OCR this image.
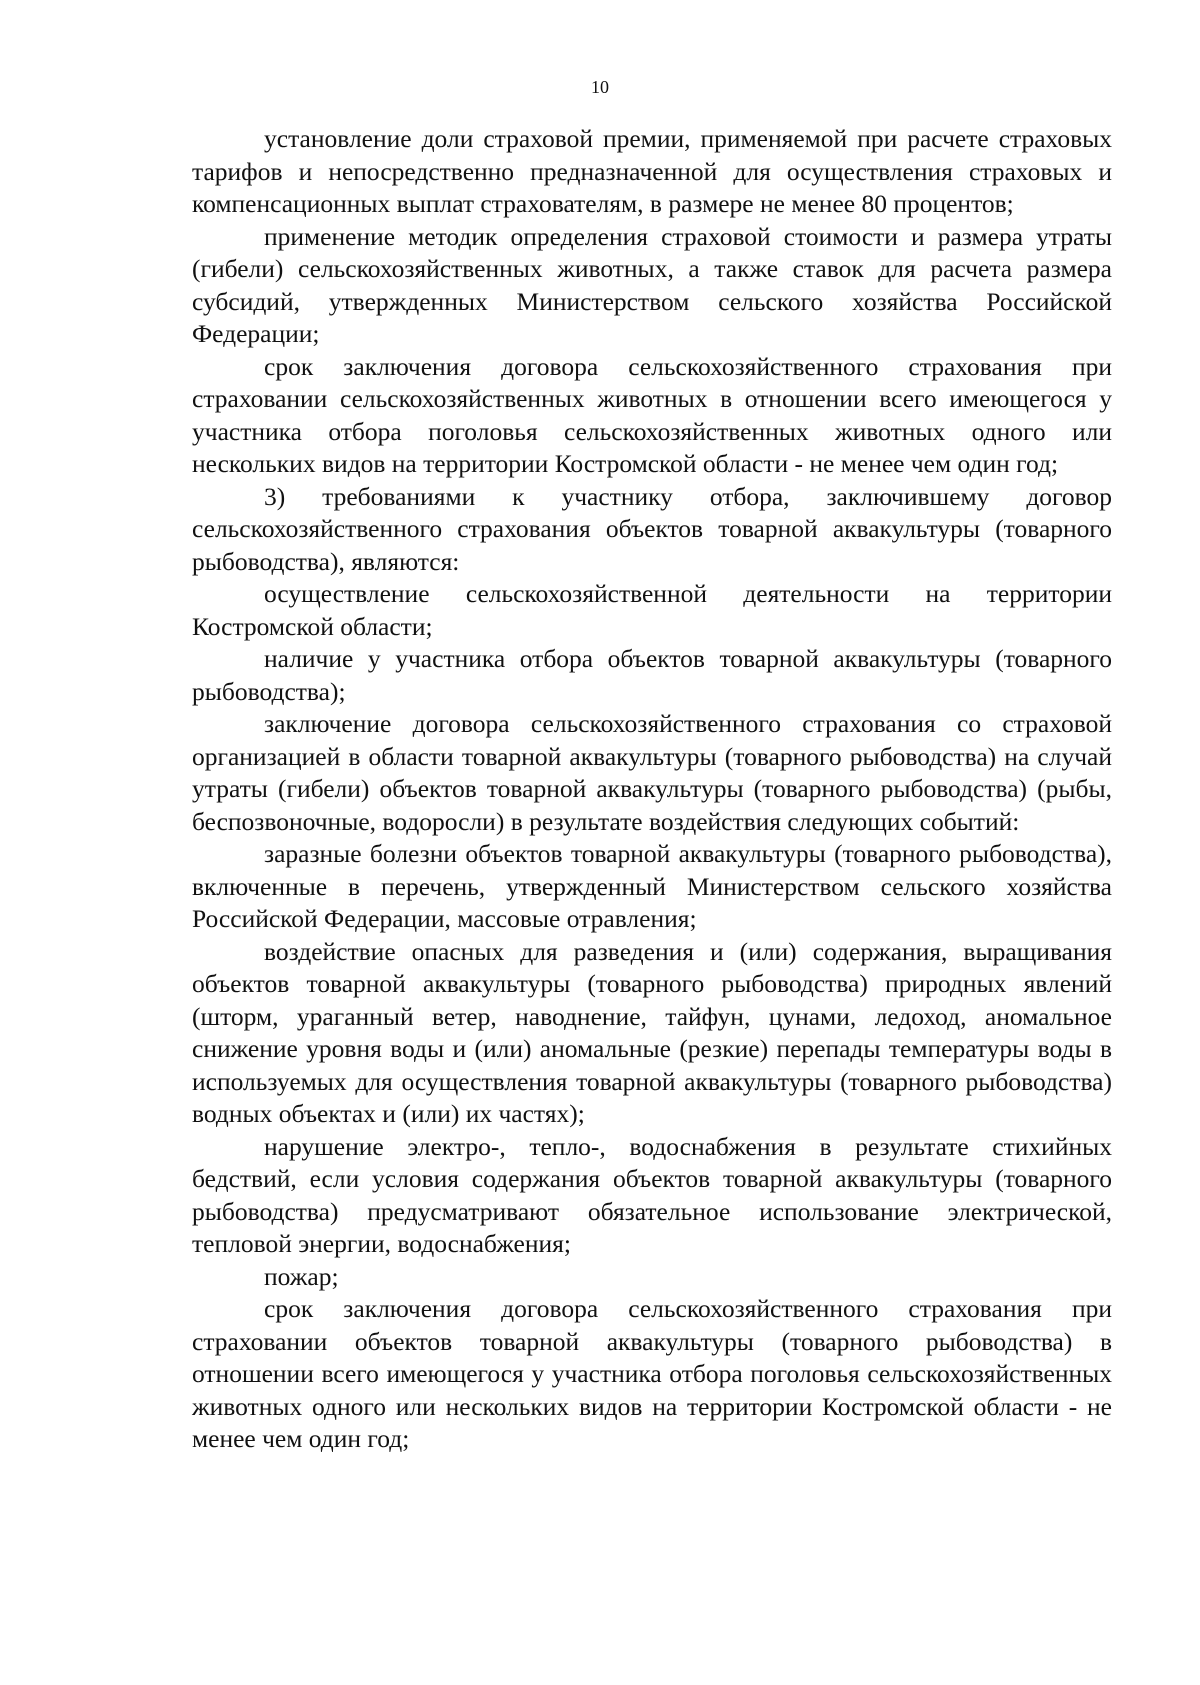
10

установление доли страховой премии, применяемой при расчете страховых тарифов и непосредственно предназначенной для осуществления страховых и компенсационных выплат страхователям, в размере не менее 80 процентов;

применение методик определения страховой стоимости и размера утраты (гибели) сельскохозяйственных животных, а также ставок для расчета размера субсидий, утвержденных Министерством сельского хозяйства Российской Федерации;

срок заключения договора сельскохозяйственного страхования при страховании сельскохозяйственных животных в отношении всего имеющегося у участника отбора поголовья сельскохозяйственных животных одного или нескольких видов на территории Костромской области - не менее чем один год;

3) требованиями к участнику отбора, заключившему договор сельскохозяйственного страхования объектов товарной аквакультуры (товарного рыбоводства), являются:

осуществление сельскохозяйственной деятельности на территории Костромской области;

наличие у участника отбора объектов товарной аквакультуры (товарного рыбоводства);

заключение договора сельскохозяйственного страхования со страховой организацией в области товарной аквакультуры (товарного рыбоводства) на случай утраты (гибели) объектов товарной аквакультуры (товарного рыбоводства) (рыбы, беспозвоночные, водоросли) в результате воздействия следующих событий:

заразные болезни объектов товарной аквакультуры (товарного рыбоводства), включенные в перечень, утвержденный Министерством сельского хозяйства Российской Федерации, массовые отравления;

воздействие опасных для разведения и (или) содержания, выращивания объектов товарной аквакультуры (товарного рыбоводства) природных явлений (шторм, ураганный ветер, наводнение, тайфун, цунами, ледоход, аномальное снижение уровня воды и (или) аномальные (резкие) перепады температуры воды в используемых для осуществления товарной аквакультуры (товарного рыбоводства) водных объектах и (или) их частях);

нарушение электро-, тепло-, водоснабжения в результате стихийных бедствий, если условия содержания объектов товарной аквакультуры (товарного рыбоводства) предусматривают обязательное использование электрической, тепловой энергии, водоснабжения;

пожар;

срок заключения договора сельскохозяйственного страхования при страховании объектов товарной аквакультуры (товарного рыбоводства) в отношении всего имеющегося у участника отбора поголовья сельскохозяйственных животных одного или нескольких видов на территории Костромской области - не менее чем один год;
